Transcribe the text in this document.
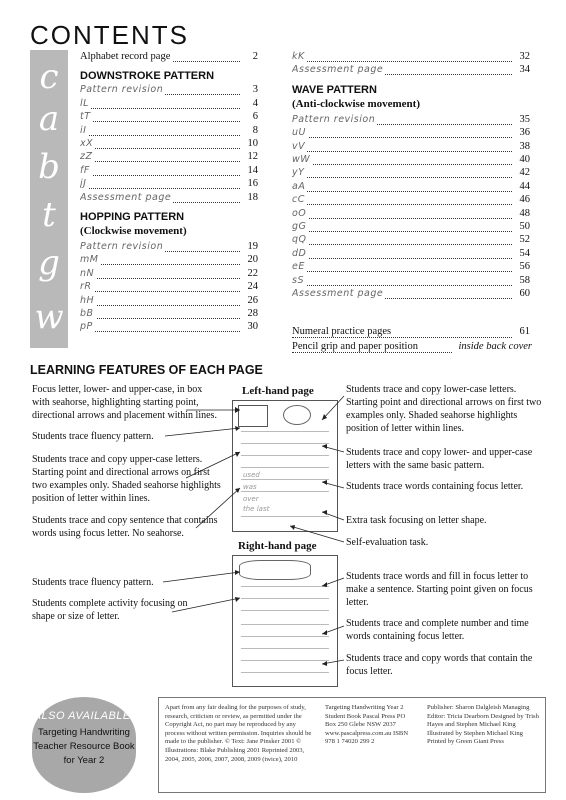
CONTENTS
c
a
b
t
g
w
Alphabet record page	2
DOWNSTROKE PATTERN
Pattern revision	3
lL	4
tT	6
iI	8
xX	10
zZ	12
fF	14
jJ	16
Assessment page	18
HOPPING PATTERN
(Clockwise movement)
Pattern revision	19
mM	20
nN	22
rR	24
hH	26
bB	28
pP	30
kK	32
Assessment page	34
WAVE PATTERN
(Anti-clockwise movement)
Pattern revision	35
uU	36
vV	38
wW	40
yY	42
aA	44
cC	46
oO	48
gG	50
qQ	52
dD	54
eE	56
sS	58
Assessment page	60
Numeral practice pages	61
Pencil grip and paper position	inside back cover
LEARNING FEATURES OF EACH PAGE
Left-hand page
used
was
over
the last
Right-hand page
Focus letter, lower- and upper-case, in box with seahorse, highlighting starting point, directional arrows and placement within lines.
Students trace fluency pattern.
Students trace and copy upper-case letters. Starting point and directional arrows on first two examples only. Shaded seahorse highlights position of letter within lines.
Students trace and copy sentence that contains words using focus letter. No seahorse.
Students trace fluency pattern.
Students complete activity focusing on shape or size of letter.
Students trace and copy lower-case letters. Starting point and directional arrows on first two examples only. Shaded seahorse highlights position of letter within lines.
Students trace and copy lower- and upper-case letters with the same basic pattern.
Students trace words containing focus letter.
Extra task focusing on letter shape.
Self-evaluation task.
Students trace words and fill in focus letter to make a sentence. Starting point given on focus letter.
Students trace and complete number and time words containing focus letter.
Students trace and copy words that contain the focus letter.
ALSO AVAILABLE!
Targeting Handwriting
Teacher Resource Book
for Year 2
Apart from any fair dealing for the purposes of study, research, criticism or review, as permitted under the Copyright Act, no part may be reproduced by any process without written permission. Inquiries should be made to the publisher. © Text: Jane Pinsker 2001 © Illustrations: Blake Publishing 2001 Reprinted 2003, 2004, 2005, 2006, 2007, 2008, 2009 (twice), 2010
Targeting Handwriting Year 2 Student Book Pascal Press PO Box 250 Glebe NSW 2037 www.pascalpress.com.au ISBN 978 1 74020 299 2
Publisher: Sharon Dalgleish Managing Editor: Tricia Dearborn Designed by Trish Hayes and Stephen Michael King Illustrated by Stephen Michael King Printed by Green Giant Press
